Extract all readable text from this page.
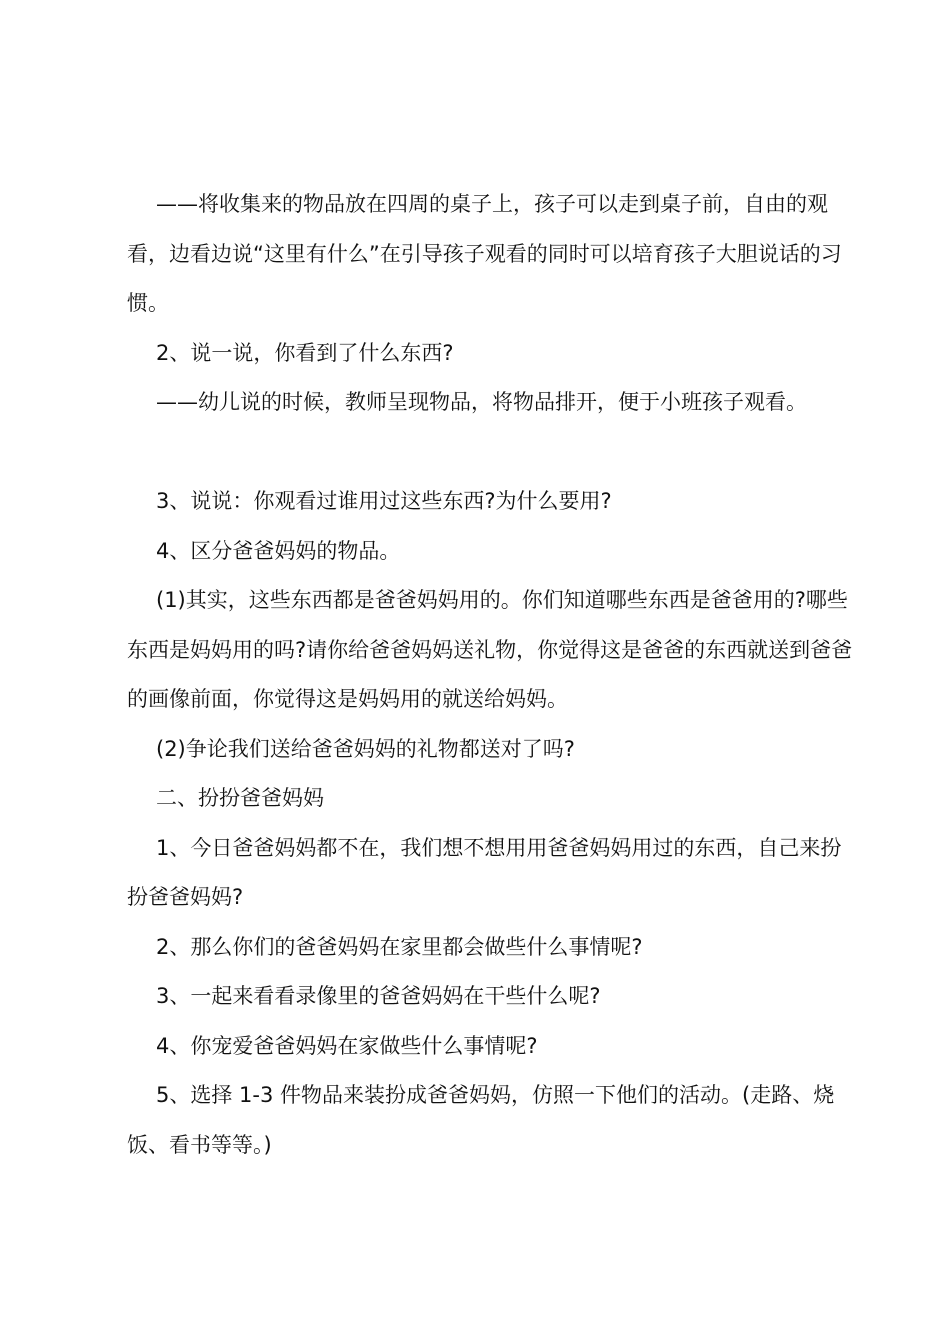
——将收集来的物品放在四周的桌子上，孩子可以走到桌子前，自由的观看，边看边说“这里有什么”在引导孩子观看的同时可以培育孩子大胆说话的习惯。

2、说一说，你看到了什么东西?

——幼儿说的时候，教师呈现物品，将物品排开，便于小班孩子观看。

3、说说：你观看过谁用过这些东西?为什么要用?

4、区分爸爸妈妈的物品。

(1)其实，这些东西都是爸爸妈妈用的。你们知道哪些东西是爸爸用的?哪些东西是妈妈用的吗?请你给爸爸妈妈送礼物，你觉得这是爸爸的东西就送到爸爸的画像前面，你觉得这是妈妈用的就送给妈妈。

(2)争论我们送给爸爸妈妈的礼物都送对了吗?

二、扮扮爸爸妈妈

1、今日爸爸妈妈都不在，我们想不想用用爸爸妈妈用过的东西，自己来扮扮爸爸妈妈?

2、那么你们的爸爸妈妈在家里都会做些什么事情呢?

3、一起来看看录像里的爸爸妈妈在干些什么呢?

4、你宠爱爸爸妈妈在家做些什么事情呢?

5、选择 1-3 件物品来装扮成爸爸妈妈，仿照一下他们的活动。(走路、烧饭、看书等等。)
